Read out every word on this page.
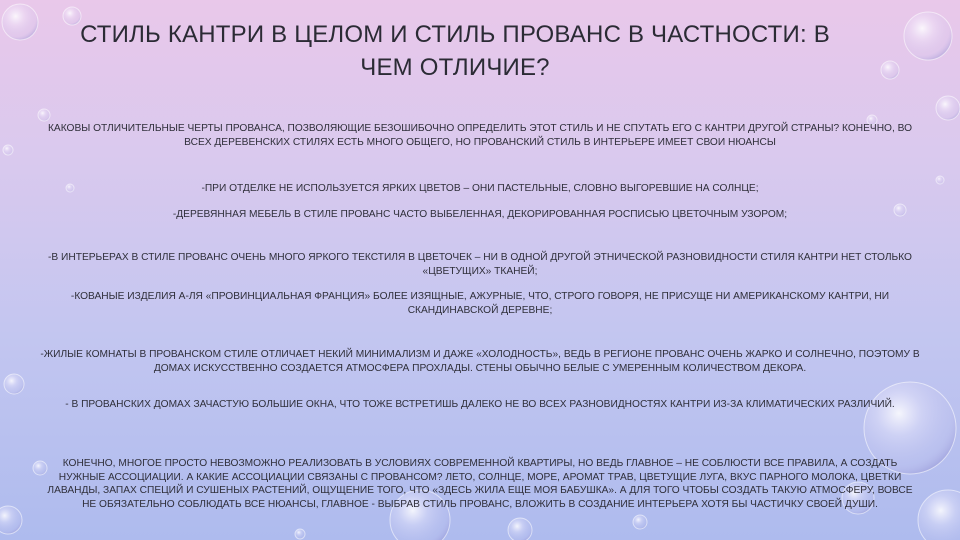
СТИЛЬ КАНТРИ В ЦЕЛОМ И СТИЛЬ ПРОВАНС В ЧАСТНОСТИ: В ЧЕМ ОТЛИЧИЕ?

КАКОВЫ ОТЛИЧИТЕЛЬНЫЕ ЧЕРТЫ ПРОВАНСА, ПОЗВОЛЯЮЩИЕ БЕЗОШИБОЧНО ОПРЕДЕЛИТЬ ЭТОТ СТИЛЬ И НЕ СПУТАТЬ ЕГО С КАНТРИ ДРУГОЙ СТРАНЫ? КОНЕЧНО, ВО ВСЕХ ДЕРЕВЕНСКИХ СТИЛЯХ ЕСТЬ МНОГО ОБЩЕГО, НО ПРОВАНСКИЙ СТИЛЬ В ИНТЕРЬЕРЕ ИМЕЕТ СВОИ НЮАНСЫ

-ПРИ ОТДЕЛКЕ НЕ ИСПОЛЬЗУЕТСЯ ЯРКИХ ЦВЕТОВ – ОНИ ПАСТЕЛЬНЫЕ, СЛОВНО ВЫГОРЕВШИЕ НА СОЛНЦЕ;

-ДЕРЕВЯННАЯ МЕБЕЛЬ В СТИЛЕ ПРОВАНС ЧАСТО ВЫБЕЛЕННАЯ, ДЕКОРИРОВАННАЯ РОСПИСЬЮ ЦВЕТОЧНЫМ УЗОРОМ;

-В ИНТЕРЬЕРАХ В СТИЛЕ ПРОВАНС ОЧЕНЬ МНОГО ЯРКОГО ТЕКСТИЛЯ В ЦВЕТОЧЕК – НИ В ОДНОЙ ДРУГОЙ ЭТНИЧЕСКОЙ РАЗНОВИДНОСТИ СТИЛЯ КАНТРИ НЕТ СТОЛЬКО «ЦВЕТУЩИХ» ТКАНЕЙ;

-КОВАНЫЕ ИЗДЕЛИЯ А-ЛЯ «ПРОВИНЦИАЛЬНАЯ ФРАНЦИЯ» БОЛЕЕ ИЗЯЩНЫЕ, АЖУРНЫЕ, ЧТО, СТРОГО ГОВОРЯ, НЕ ПРИСУЩЕ НИ АМЕРИКАНСКОМУ КАНТРИ, НИ СКАНДИНАВСКОЙ ДЕРЕВНЕ;

-ЖИЛЫЕ КОМНАТЫ В ПРОВАНСКОМ СТИЛЕ ОТЛИЧАЕТ НЕКИЙ МИНИМАЛИЗМ И ДАЖЕ «ХОЛОДНОСТЬ», ВЕДЬ В РЕГИОНЕ ПРОВАНС ОЧЕНЬ ЖАРКО И СОЛНЕЧНО, ПОЭТОМУ В ДОМАХ ИСКУССТВЕННО СОЗДАЕТСЯ АТМОСФЕРА ПРОХЛАДЫ. СТЕНЫ ОБЫЧНО БЕЛЫЕ С УМЕРЕННЫМ КОЛИЧЕСТВОМ ДЕКОРА.

- В ПРОВАНСКИХ ДОМАХ ЗАЧАСТУЮ БОЛЬШИЕ ОКНА, ЧТО ТОЖЕ ВСТРЕТИШЬ ДАЛЕКО НЕ ВО ВСЕХ РАЗНОВИДНОСТЯХ КАНТРИ ИЗ-ЗА КЛИМАТИЧЕСКИХ РАЗЛИЧИЙ.

КОНЕЧНО, МНОГОЕ ПРОСТО НЕВОЗМОЖНО РЕАЛИЗОВАТЬ В УСЛОВИЯХ СОВРЕМЕННОЙ КВАРТИРЫ, НО ВЕДЬ ГЛАВНОЕ – НЕ СОБЛЮСТИ ВСЕ ПРАВИЛА, А СОЗДАТЬ НУЖНЫЕ АССОЦИАЦИИ. А КАКИЕ АССОЦИАЦИИ СВЯЗАНЫ С ПРОВАНСОМ? ЛЕТО, СОЛНЦЕ, МОРЕ, АРОМАТ ТРАВ, ЦВЕТУЩИЕ ЛУГА, ВКУС ПАРНОГО МОЛОКА, ЦВЕТКИ ЛАВАНДЫ, ЗАПАХ СПЕЦИЙ И СУШЕНЫХ РАСТЕНИЙ, ОЩУЩЕНИЕ ТОГО, ЧТО «ЗДЕСЬ ЖИЛА ЕЩЕ МОЯ БАБУШКА». А ДЛЯ ТОГО ЧТОБЫ СОЗДАТЬ ТАКУЮ АТМОСФЕРУ, ВОВСЕ НЕ ОБЯЗАТЕЛЬНО СОБЛЮДАТЬ ВСЕ НЮАНСЫ, ГЛАВНОЕ - ВЫБРАВ СТИЛЬ ПРОВАНС, ВЛОЖИТЬ В СОЗДАНИЕ ИНТЕРЬЕРА ХОТЯ БЫ ЧАСТИЧКУ СВОЕЙ ДУШИ.
